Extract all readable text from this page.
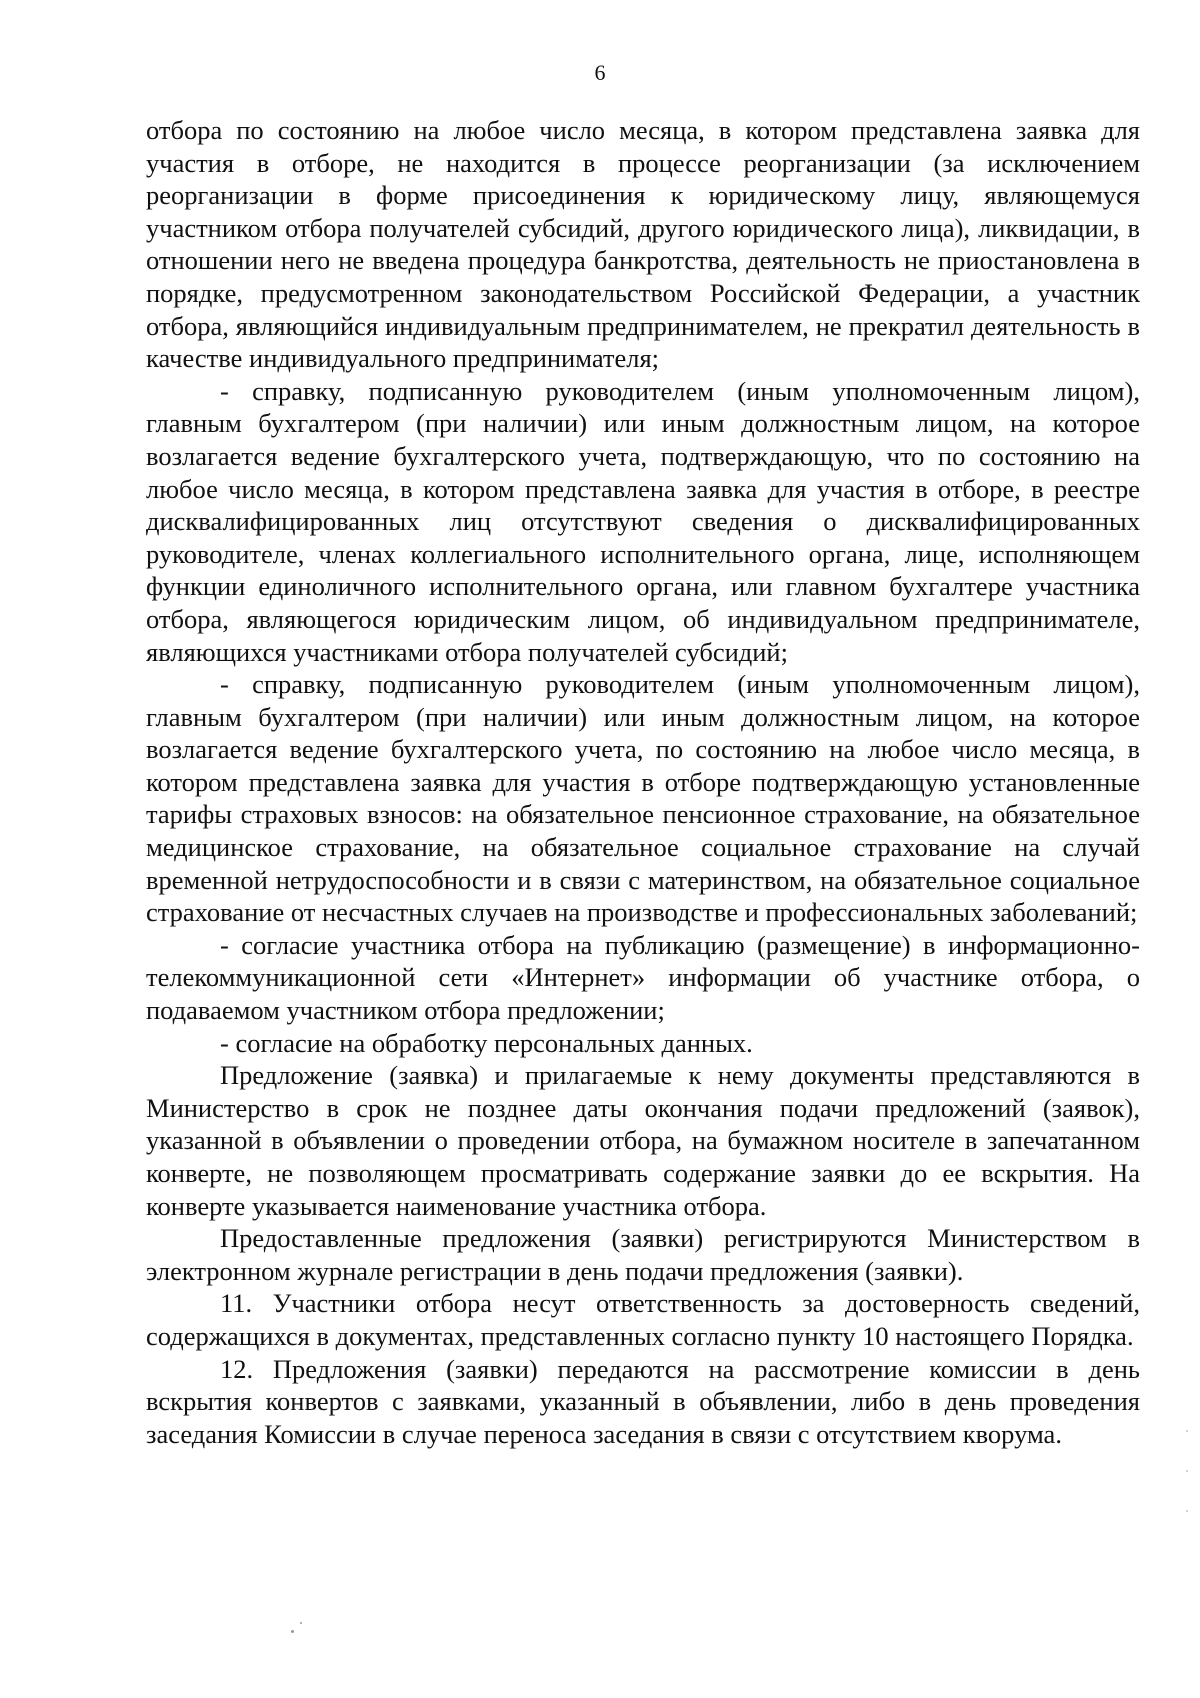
6

отбора по состоянию на любое число месяца, в котором представлена заявка для участия в отборе, не находится в процессе реорганизации (за исключением реорганизации в форме присоединения к юридическому лицу, являющемуся участником отбора получателей субсидий, другого юридического лица), ликвидации, в отношении него не введена процедура банкротства, деятельность не приостановлена в порядке, предусмотренном законодательством Российской Федерации, а участник отбора, являющийся индивидуальным предпринимателем, не прекратил деятельность в качестве индивидуального предпринимателя;

- справку, подписанную руководителем (иным уполномоченным лицом), главным бухгалтером (при наличии) или иным должностным лицом, на которое возлагается ведение бухгалтерского учета, подтверждающую, что по состоянию на любое число месяца, в котором представлена заявка для участия в отборе, в реестре дисквалифицированных лиц отсутствуют сведения о дисквалифицированных руководителе, членах коллегиального исполнительного органа, лице, исполняющем функции единоличного исполнительного органа, или главном бухгалтере участника отбора, являющегося юридическим лицом, об индивидуальном предпринимателе, являющихся участниками отбора получателей субсидий;

- справку, подписанную руководителем (иным уполномоченным лицом), главным бухгалтером (при наличии) или иным должностным лицом, на которое возлагается ведение бухгалтерского учета, по состоянию на любое число месяца, в котором представлена заявка для участия в отборе подтверждающую установленные тарифы страховых взносов: на обязательное пенсионное страхование, на обязательное медицинское страхование, на обязательное социальное страхование на случай временной нетрудоспособности и в связи с материнством, на обязательное социальное страхование от несчастных случаев на производстве и профессиональных заболеваний;

- согласие участника отбора на публикацию (размещение) в информационно-телекоммуникационной сети «Интернет» информации об участнике отбора, о подаваемом участником отбора предложении;

- согласие на обработку персональных данных.

Предложение (заявка) и прилагаемые к нему документы представляются в Министерство в срок не позднее даты окончания подачи предложений (заявок), указанной в объявлении о проведении отбора, на бумажном носителе в запечатанном конверте, не позволяющем просматривать содержание заявки до ее вскрытия. На конверте указывается наименование участника отбора.

Предоставленные предложения (заявки) регистрируются Министерством в электронном журнале регистрации в день подачи предложения (заявки).

11. Участники отбора несут ответственность за достоверность сведений, содержащихся в документах, представленных согласно пункту 10 настоящего Порядка.

12. Предложения (заявки) передаются на рассмотрение комиссии в день вскрытия конвертов с заявками, указанный в объявлении, либо в день проведения заседания Комиссии в случае переноса заседания в связи с отсутствием кворума.
